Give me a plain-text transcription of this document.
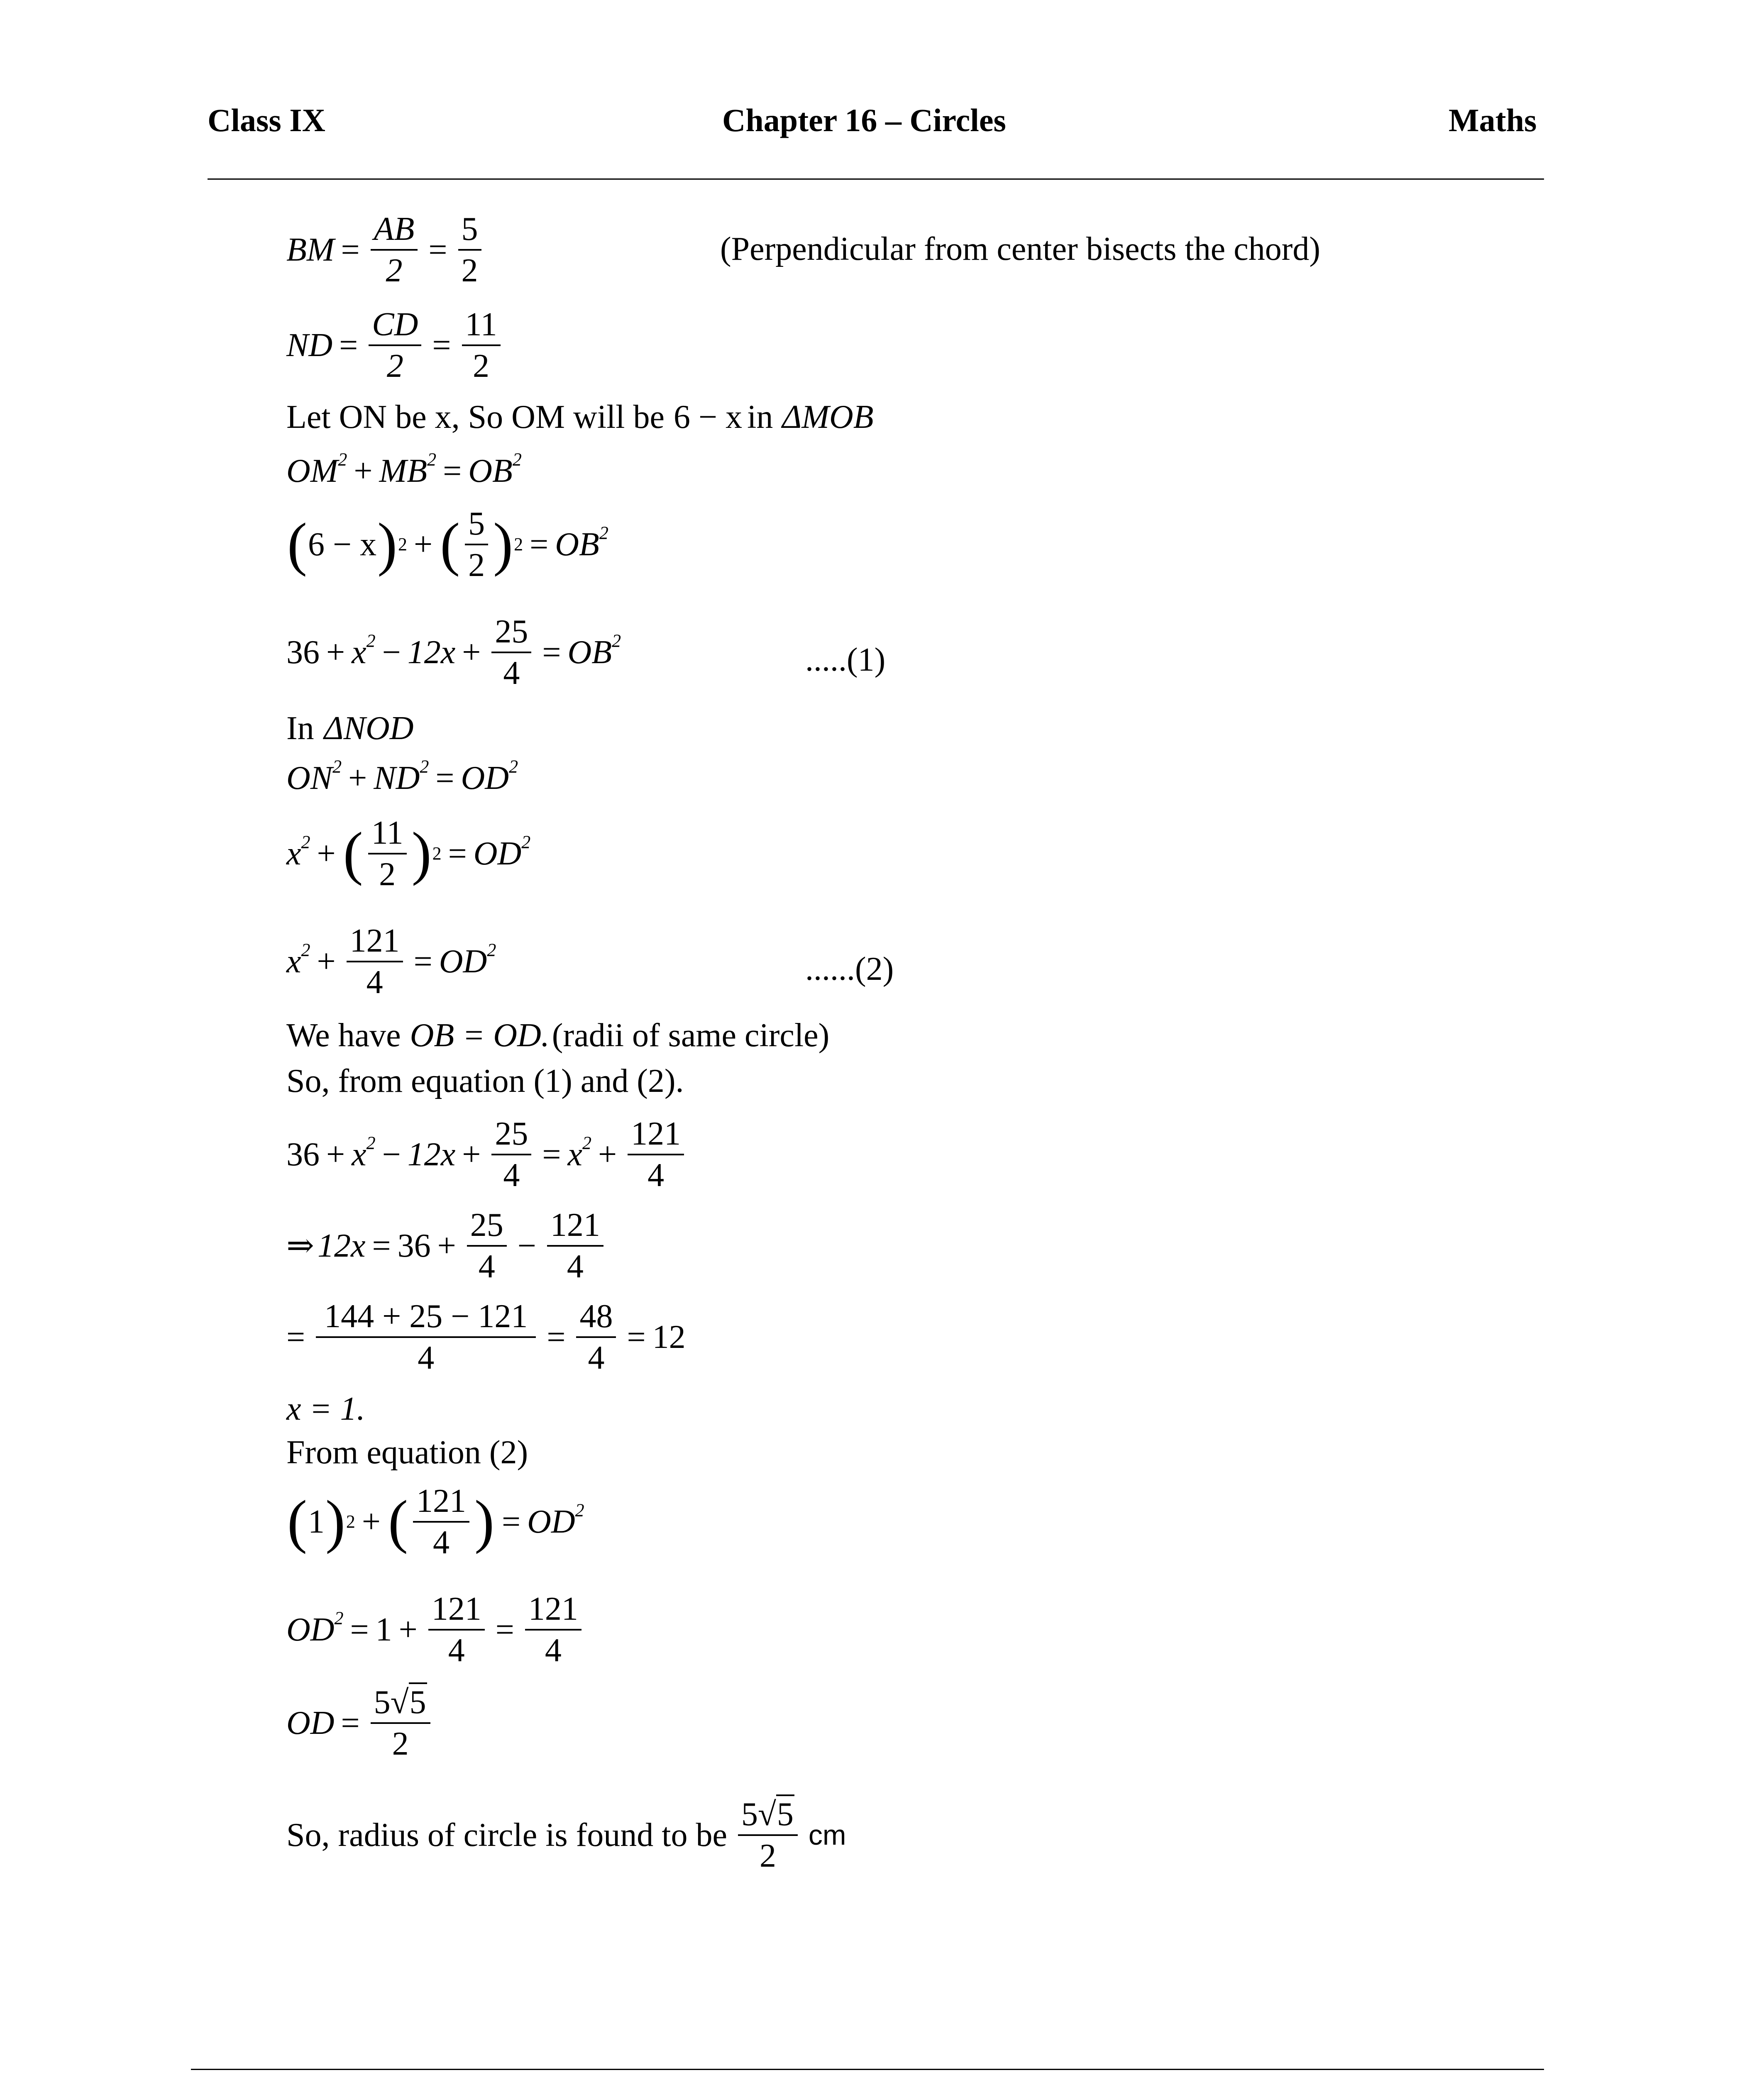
Class IX	Chapter 16 – Circles	Maths
BM = $\frac{AB}{2} = \frac{5}{2}$	(Perpendicular from center bisects the chord)
ND = $\frac{CD}{2} = \frac{11}{2}$
Let ON be x, So OM will be 6 − x in ΔMOB
$OM^2 + MB^2 = OB^2$
( 6 − x ) 2 + ( $\frac{5}{2}$ ) $2 = OB^2$
$36 + x^2 - 12x + \frac{25}{4} = OB^2$
.....(1)
In ΔNOD
$ON^2 + ND^2 = OD^2$
$x^2$ + ( $\frac{11}{2}$ ) $2 = OD^2$
$x^2 + \frac{121}{4} = OD^2$
......(2)
We have OB = OD. (radii of same circle)
So, from equation (1) and (2).
$36 + x^2 - 12x + \frac{25}{4} = x^2 + \frac{121}{4}$
⇒ $12x = 36 + \frac{25}{4} - \frac{121}{4}$
= $\frac{144 + 25 - 121}{4} = \frac{48}{4} = 12$
x = 1.
From equation (2)
( 1 ) 2 + ( $\frac{121}{4}$ ) = $OD^2$
$OD^2 = 1 + \frac{121}{4} = \frac{121}{4}$
OD = $\frac{5√5}{2}$
So, radius of circle is found to be $\frac{5√5}{2}$ cm
